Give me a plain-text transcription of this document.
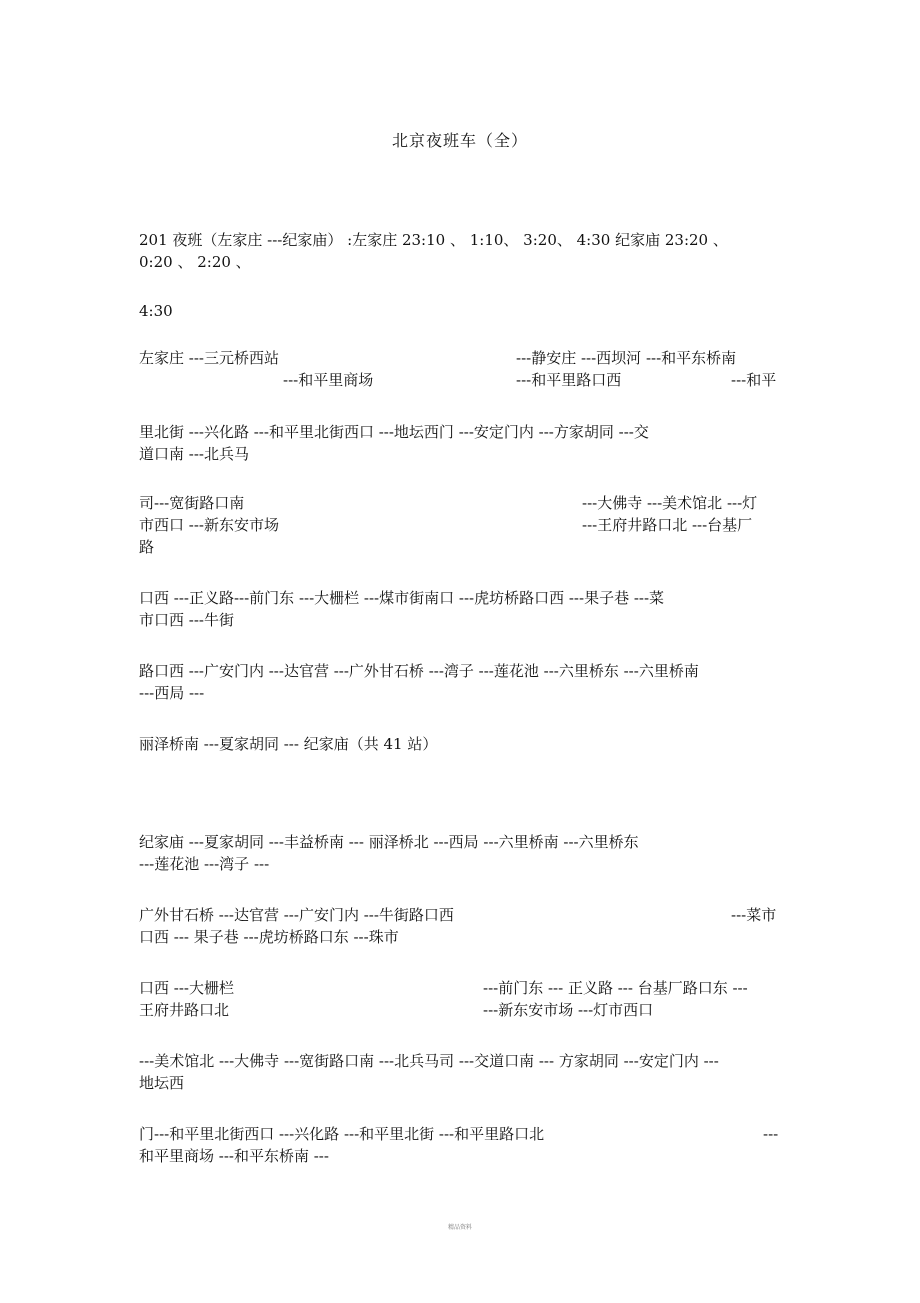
北京夜班车（全）
201 夜班（左家庄 ---纪家庙） :左家庄 23:10 、 1:10、 3:20、 4:30 纪家庙 23:20 、
0:20 、 2:20 、
4:30
左家庄 ---三元桥西站	---静安庄 ---西坝河 ---和平东桥南
---和平里商场	---和平里路口西	---和平
里北街 ---兴化路 ---和平里北街西口 ---地坛西门 ---安定门内 ---方家胡同 ---交
道口南 ---北兵马
司---宽街路口南	---大佛寺 ---美术馆北 ---灯
市西口 ---新东安市场	---王府井路口北 ---台基厂
路
口西 ---正义路---前门东 ---大栅栏 ---煤市街南口 ---虎坊桥路口西 ---果子巷 ---菜
市口西 ---牛街
路口西 ---广安门内 ---达官营 ---广外甘石桥 ---湾子 ---莲花池 ---六里桥东 ---六里桥南
---西局 ---
丽泽桥南 ---夏家胡同 --- 纪家庙（共 41 站）
纪家庙 ---夏家胡同 ---丰益桥南 --- 丽泽桥北 ---西局 ---六里桥南 ---六里桥东
---莲花池 ---湾子 ---
广外甘石桥 ---达官营 ---广安门内 ---牛街路口西	---菜市
口西 --- 果子巷 ---虎坊桥路口东 ---珠市
口西 ---大栅栏	---前门东 --- 正义路 --- 台基厂路口东 ---
王府井路口北	---新东安市场 ---灯市西口
---美术馆北 ---大佛寺 ---宽街路口南 ---北兵马司 ---交道口南 --- 方家胡同 ---安定门内 ---
地坛西
门---和平里北街西口 ---兴化路 ---和平里北街 ---和平里路口北	---
和平里商场 ---和平东桥南 ---
精品资料
